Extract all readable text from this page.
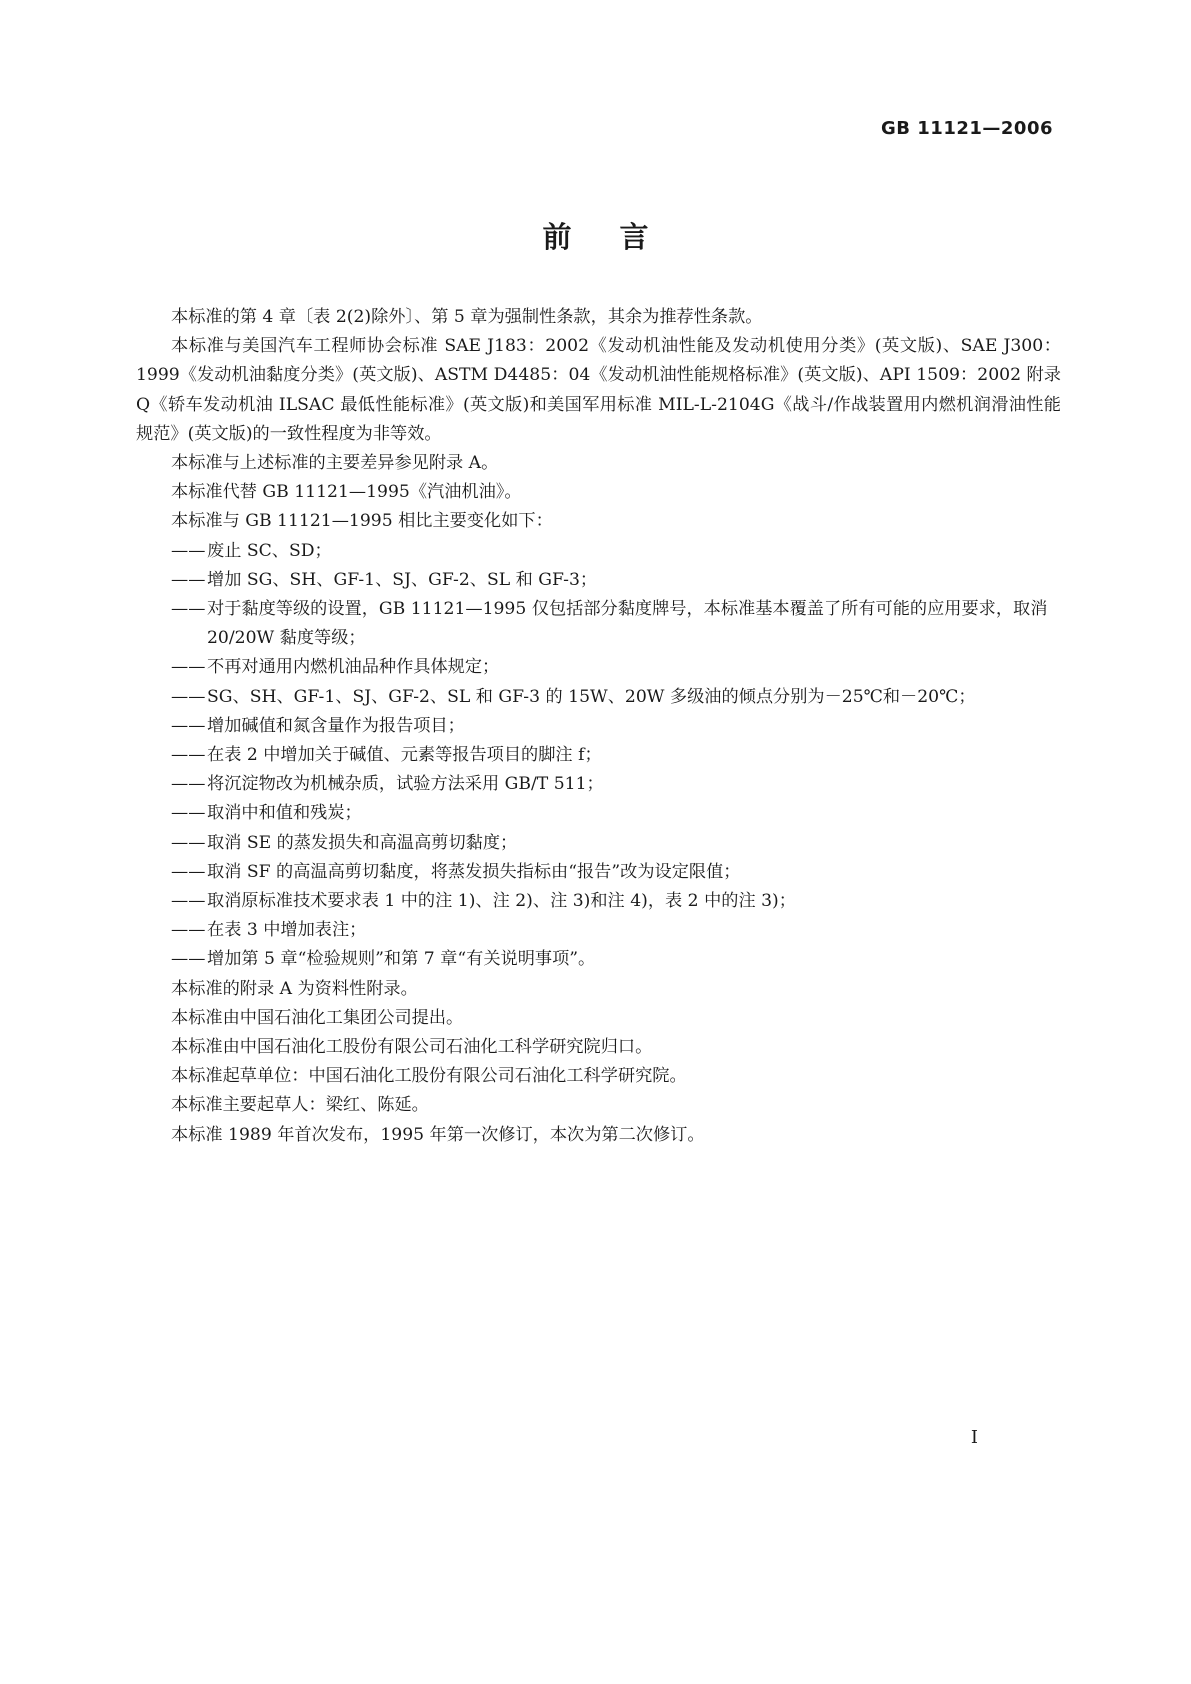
GB 11121—2006
前言

本标准的第 4 章〔表 2(2)除外〕、第 5 章为强制性条款，其余为推荐性条款。

本标准与美国汽车工程师协会标准 SAE J183：2002《发动机油性能及发动机使用分类》(英文版)、SAE J300：1999《发动机油黏度分类》(英文版)、ASTM D4485：04《发动机油性能规格标准》(英文版)、API 1509：2002 附录 Q《轿车发动机油 ILSAC 最低性能标准》(英文版)和美国军用标准 MIL-L-2104G《战斗/作战装置用内燃机润滑油性能规范》(英文版)的一致性程度为非等效。

本标准与上述标准的主要差异参见附录 A。

本标准代替 GB 11121—1995《汽油机油》。

本标准与 GB 11121—1995 相比主要变化如下：

—— 废止 SC、SD；
—— 增加 SG、SH、GF-1、SJ、GF-2、SL 和 GF-3；
—— 对于黏度等级的设置，GB 11121—1995 仅包括部分黏度牌号，本标准基本覆盖了所有可能的应用要求，取消 20/20W 黏度等级；
—— 不再对通用内燃机油品种作具体规定；
—— SG、SH、GF-1、SJ、GF-2、SL 和 GF-3 的 15W、20W 多级油的倾点分别为－25℃和－20℃；
—— 增加碱值和氮含量作为报告项目；
—— 在表 2 中增加关于碱值、元素等报告项目的脚注 f；
—— 将沉淀物改为机械杂质，试验方法采用 GB/T 511；
—— 取消中和值和残炭；
—— 取消 SE 的蒸发损失和高温高剪切黏度；
—— 取消 SF 的高温高剪切黏度，将蒸发损失指标由“报告”改为设定限值；
—— 取消原标准技术要求表 1 中的注 1)、注 2)、注 3)和注 4)，表 2 中的注 3)；
—— 在表 3 中增加表注；
—— 增加第 5 章“检验规则”和第 7 章“有关说明事项”。

本标准的附录 A 为资料性附录。

本标准由中国石油化工集团公司提出。

本标准由中国石油化工股份有限公司石油化工科学研究院归口。

本标准起草单位：中国石油化工股份有限公司石油化工科学研究院。

本标准主要起草人：梁红、陈延。

本标准 1989 年首次发布，1995 年第一次修订，本次为第二次修订。

I
